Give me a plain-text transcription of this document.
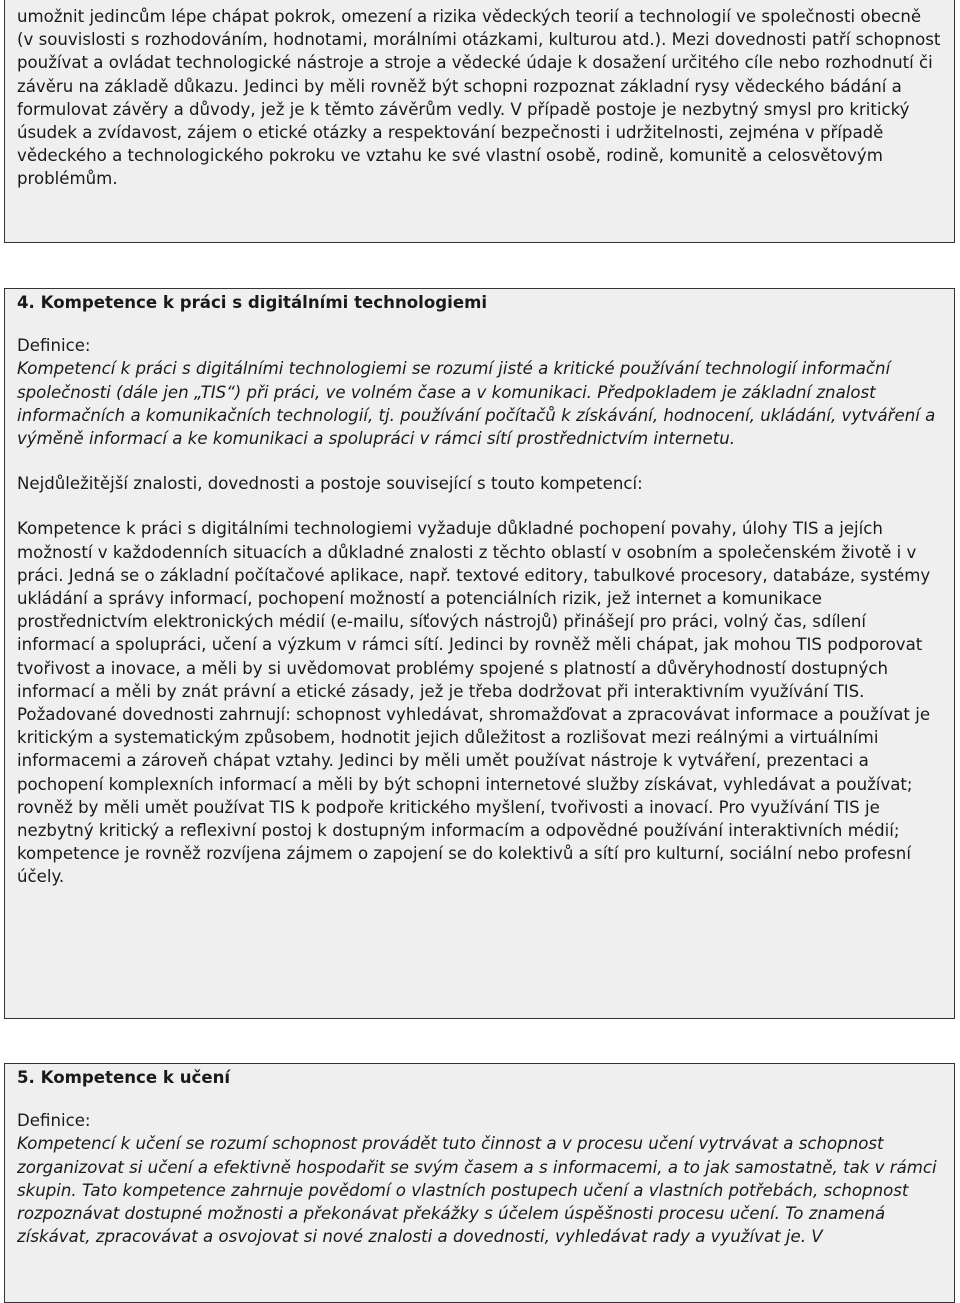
umožnit jedincům lépe chápat pokrok, omezení a rizika vědeckých teorií a technologií ve společnosti obecně (v souvislosti s rozhodováním, hodnotami, morálními otázkami, kulturou atd.). Mezi dovednosti patří schopnost používat a ovládat technologické nástroje a stroje a vědecké údaje k dosažení určitého cíle nebo rozhodnutí či závěru na základě důkazu. Jedinci by měli rovněž být schopni rozpoznat základní rysy vědeckého bádání a formulovat závěry a důvody, jež je k těmto závěrům vedly. V případě postoje je nezbytný smysl pro kritický úsudek a zvídavost, zájem o etické otázky a respektování bezpečnosti i udržitelnosti, zejména v případě vědeckého a technologického pokroku ve vztahu ke své vlastní osobě, rodině, komunitě a celosvětovým problémům.

4. Kompetence k práci s digitálními technologiemi

Definice:

Kompetencí k práci s digitálními technologiemi se rozumí jisté a kritické používání technologií informační společnosti (dále jen „TIS“) při práci, ve volném čase a v komunikaci. Předpokladem je základní znalost informačních a komunikačních technologií, tj. používání počítačů k získávání, hodnocení, ukládání, vytváření a výměně informací a ke komunikaci a spolupráci v rámci sítí prostřednictvím internetu.

Nejdůležitější znalosti, dovednosti a postoje související s touto kompetencí:

Kompetence k práci s digitálními technologiemi vyžaduje důkladné pochopení povahy, úlohy TIS a jejích možností v každodenních situacích a důkladné znalosti z těchto oblastí v osobním a společenském životě i v práci. Jedná se o základní počítačové aplikace, např. textové editory, tabulkové procesory, databáze, systémy ukládání a správy informací, pochopení možností a potenciálních rizik, jež internet a komunikace prostřednictvím elektronických médií (e-mailu, síťových nástrojů) přinášejí pro práci, volný čas, sdílení informací a spolupráci, učení a výzkum v rámci sítí. Jedinci by rovněž měli chápat, jak mohou TIS podporovat tvořivost a inovace, a měli by si uvědomovat problémy spojené s platností a důvěryhodností dostupných informací a měli by znát právní a etické zásady, jež je třeba dodržovat při interaktivním využívání TIS. Požadované dovednosti zahrnují: schopnost vyhledávat, shromažďovat a zpracovávat informace a používat je kritickým a systematickým způsobem, hodnotit jejich důležitost a rozlišovat mezi reálnými a virtuálními informacemi a zároveň chápat vztahy. Jedinci by měli umět používat nástroje k vytváření, prezentaci a pochopení komplexních informací a měli by být schopni internetové služby získávat, vyhledávat a používat; rovněž by měli umět používat TIS k podpoře kritického myšlení, tvořivosti a inovací. Pro využívání TIS je nezbytný kritický a reflexivní postoj k dostupným informacím a odpovědné používání interaktivních médií; kompetence je rovněž rozvíjena zájmem o zapojení se do kolektivů a sítí pro kulturní, sociální nebo profesní účely.

5. Kompetence k učení

Definice:

Kompetencí k učení se rozumí schopnost provádět tuto činnost a v procesu učení vytrvávat a schopnost zorganizovat si učení a efektivně hospodařit se svým časem a s informacemi, a to jak samostatně, tak v rámci skupin. Tato kompetence zahrnuje povědomí o vlastních postupech učení a vlastních potřebách, schopnost rozpoznávat dostupné možnosti a překonávat překážky s účelem úspěšnosti procesu učení. To znamená získávat, zpracovávat a osvojovat si nové znalosti a dovednosti, vyhledávat rady a využívat je. V
